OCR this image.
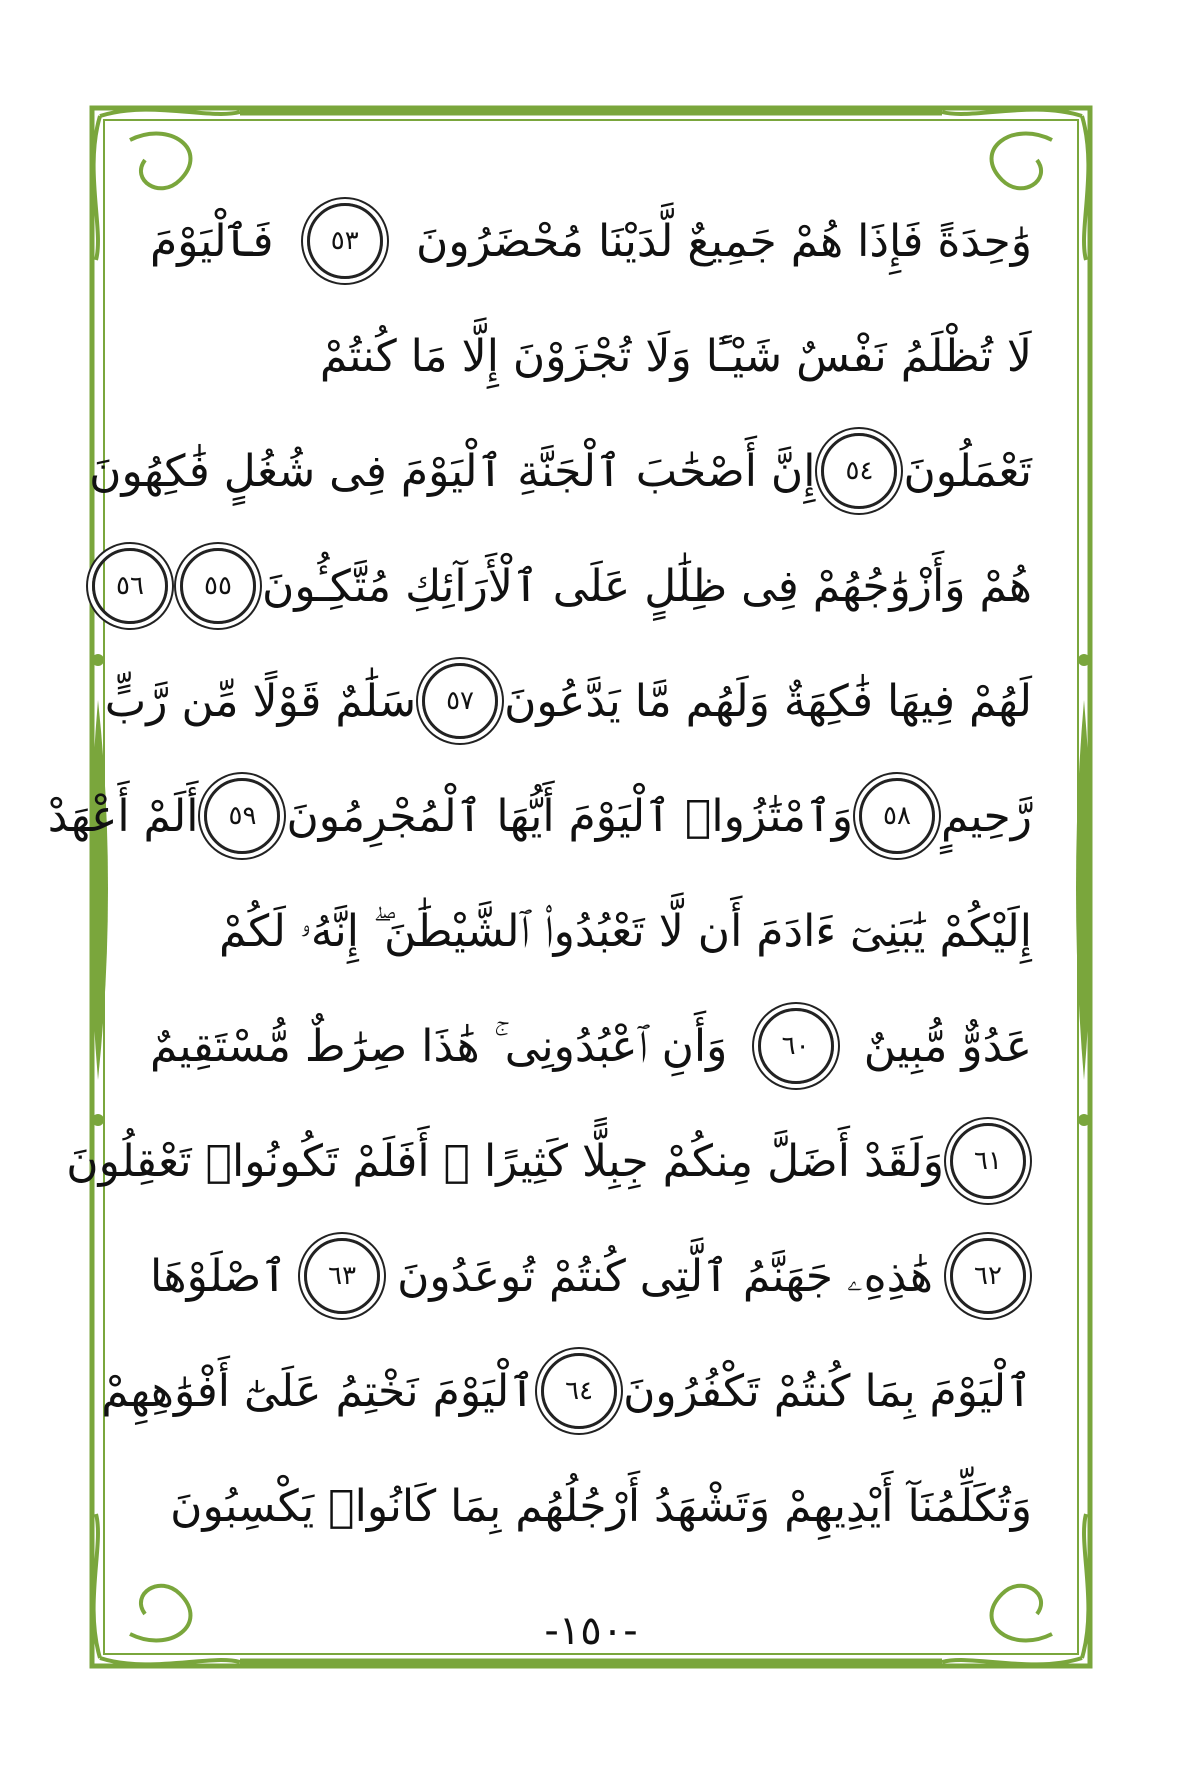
وَٰحِدَةً فَإِذَا هُمْ جَمِيعٌ لَّدَيْنَا مُحْضَرُونَ
٥٣
فَٱلْيَوْمَ
لَا تُظْلَمُ نَفْسٌ شَيْـًٔا وَلَا تُجْزَوْنَ إِلَّا مَا كُنتُمْ
تَعْمَلُونَ
٥٤
إِنَّ أَصْحَٰبَ ٱلْجَنَّةِ ٱلْيَوْمَ فِى شُغُلٍ فَٰكِهُونَ
هُمْ وَأَزْوَٰجُهُمْ فِى ظِلَٰلٍ عَلَى ٱلْأَرَآئِكِ مُتَّكِـُٔونَ
٥٥
٥٦
لَهُمْ فِيهَا فَٰكِهَةٌ وَلَهُم مَّا يَدَّعُونَ
٥٧
سَلَٰمٌ قَوْلًا مِّن رَّبٍّ
رَّحِيمٍ
٥٨
وَٱمْتَٰزُوا۟ ٱلْيَوْمَ أَيُّهَا ٱلْمُجْرِمُونَ
٥٩
أَلَمْ أَعْهَدْ
إِلَيْكُمْ يَٰبَنِىٓ ءَادَمَ أَن لَّا تَعْبُدُوا۟ ٱلشَّيْطَٰنَ ۖ إِنَّهُۥ لَكُمْ
عَدُوٌّ مُّبِينٌ
٦٠
وَأَنِ ٱعْبُدُونِى ۚ هَٰذَا صِرَٰطٌ مُّسْتَقِيمٌ
٦١
وَلَقَدْ أَضَلَّ مِنكُمْ جِبِلًّا كَثِيرًا ۖ أَفَلَمْ تَكُونُوا۟ تَعْقِلُونَ
٦٢
هَٰذِهِۦ جَهَنَّمُ ٱلَّتِى كُنتُمْ تُوعَدُونَ
٦٣
ٱصْلَوْهَا
ٱلْيَوْمَ بِمَا كُنتُمْ تَكْفُرُونَ
٦٤
ٱلْيَوْمَ نَخْتِمُ عَلَىٰٓ أَفْوَٰهِهِمْ
وَتُكَلِّمُنَآ أَيْدِيهِمْ وَتَشْهَدُ أَرْجُلُهُم بِمَا كَانُوا۟ يَكْسِبُونَ
-١٥٠-
